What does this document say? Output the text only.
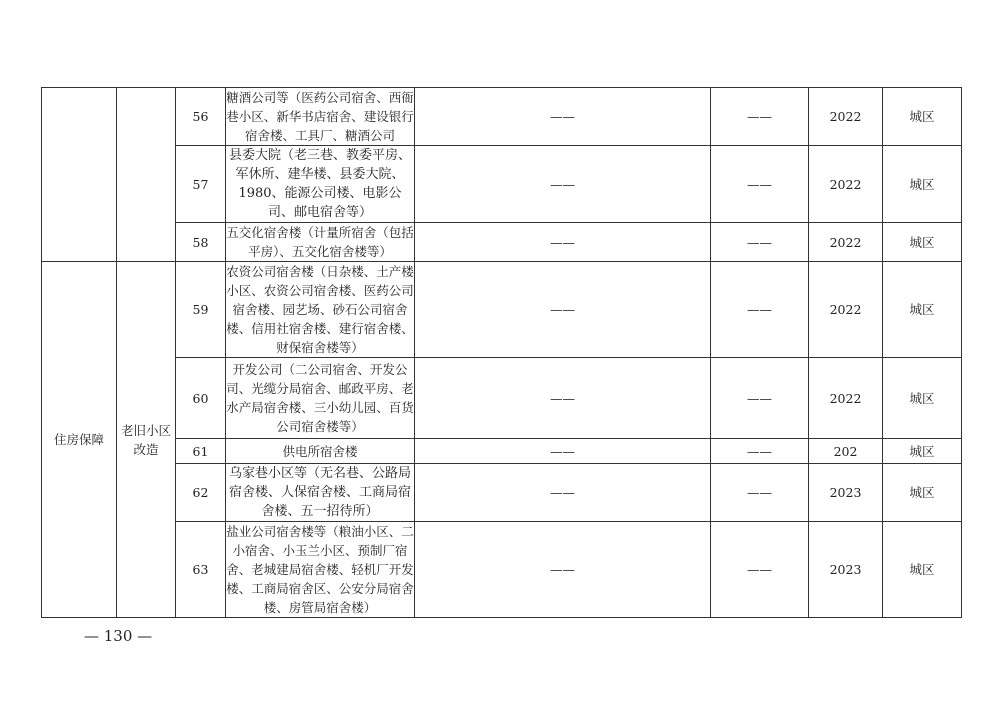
		56	糖酒公司等（医药公司宿舍、西衙巷小区、新华书店宿舍、建设银行宿舍楼、工具厂、糖酒公司	——	——	2022	城区
		57	县委大院（老三巷、教委平房、军休所、建华楼、县委大院、1980、能源公司楼、电影公司、邮电宿舍等）	——	——	2022	城区
		58	五交化宿舍楼（计量所宿舍（包括平房）、五交化宿舍楼等）	——	——	2022	城区
住房保障	老旧小区改造	59	农资公司宿舍楼（日杂楼、土产楼小区、农资公司宿舍楼、医药公司宿舍楼、园艺场、砂石公司宿舍楼、信用社宿舍楼、建行宿舍楼、财保宿舍楼等）	——	——	2022	城区
		60	开发公司（二公司宿舍、开发公司、光缆分局宿舍、邮政平房、老水产局宿舍楼、三小幼儿园、百货公司宿舍楼等）	——	——	2022	城区
		61	供电所宿舍楼	——	——	202	城区
		62	乌家巷小区等（无名巷、公路局宿舍楼、人保宿舍楼、工商局宿舍楼、五一招待所）	——	——	2023	城区
		63	盐业公司宿舍楼等（粮油小区、二小宿舍、小玉兰小区、预制厂宿舍、老城建局宿舍楼、轻机厂开发楼、工商局宿舍区、公安分局宿舍楼、房管局宿舍楼）	——	——	2023	城区
— 130 —
